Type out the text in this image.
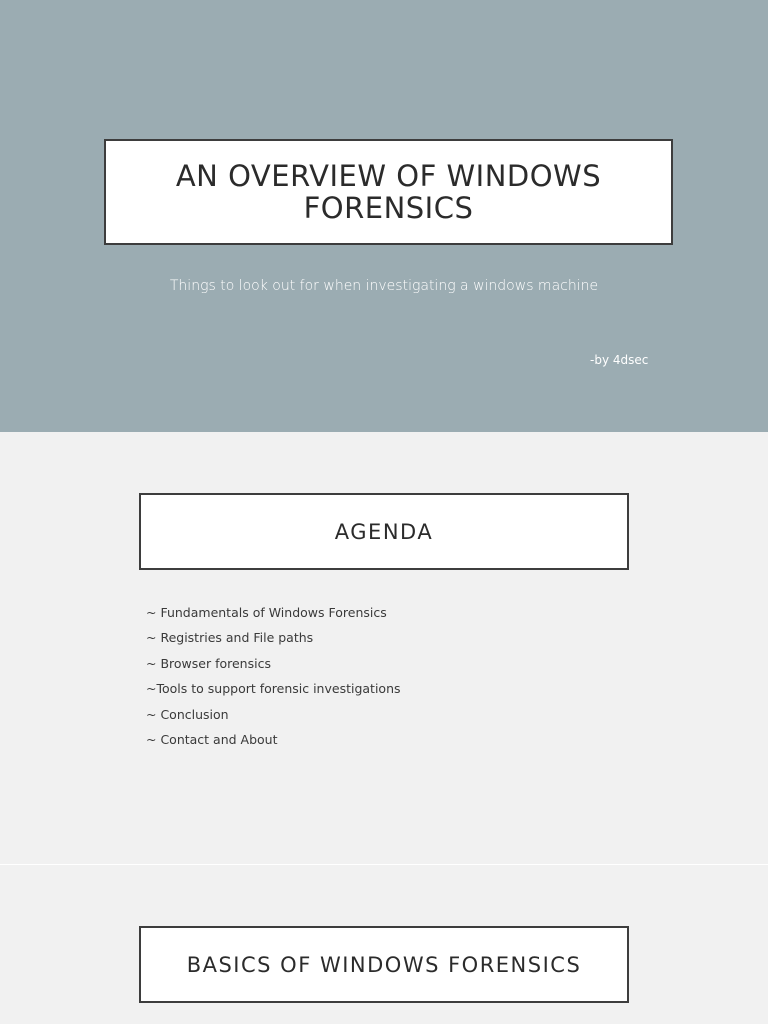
AN OVERVIEW OF WINDOWS FORENSICS
Things to look out for when investigating a windows machine
-by 4dsec
AGENDA
~ Fundamentals of Windows Forensics
~ Registries and File paths
~ Browser forensics
~Tools to support forensic investigations
~ Conclusion
~ Contact and About
BASICS OF WINDOWS FORENSICS
